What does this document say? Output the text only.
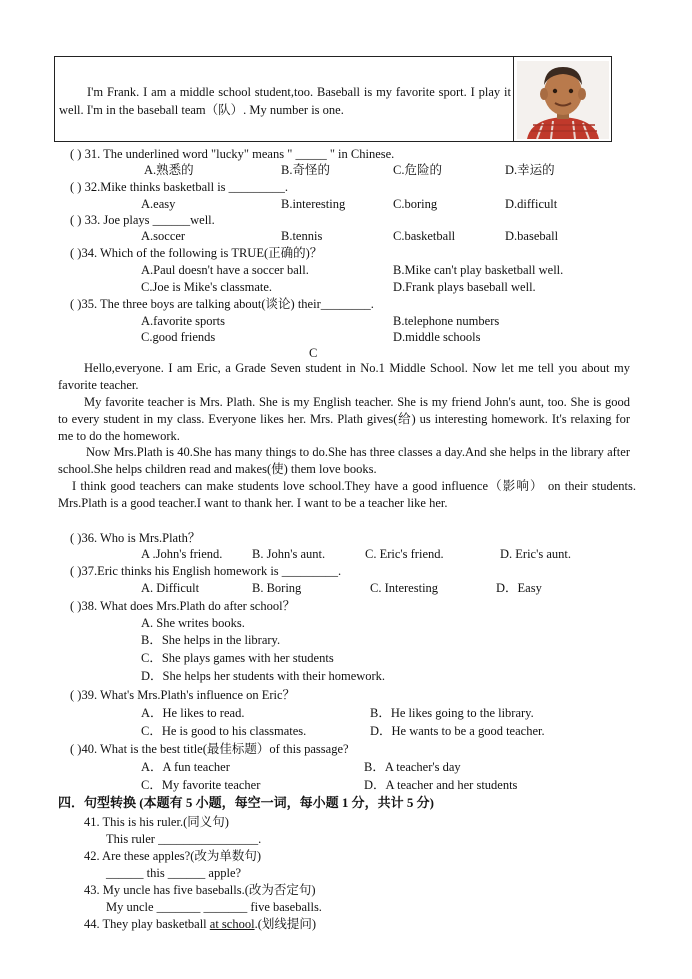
I'm Frank. I am a middle school student,too. Baseball is my favorite sport. I play it well. I'm in the baseball team（队）. My number is one.
( ) 31. The underlined word "lucky" means " _____ " in Chinese.
A.熟悉的	B.奇怪的	C.危险的	D.幸运的
( ) 32.Mike thinks basketball is _________.
A.easy	B.interesting	C.boring	D.difficult
( ) 33. Joe plays ______well.
A.soccer	B.tennis	C.basketball	D.baseball
( )34. Which of the following is TRUE(正确的)？
A.Paul doesn't have a soccer ball.	B.Mike can't play basketball well.
C.Joe is Mike's classmate.	D.Frank plays baseball well.
( )35. The three boys are talking about(谈论) their________.
A.favorite sports	B.telephone numbers
C.good friends	D.middle schools
C
Hello,everyone. I am Eric, a Grade Seven student in No.1 Middle School. Now let me tell you about my favorite teacher.
My favorite teacher is Mrs. Plath. She is my English teacher. She is my friend John's aunt, too. She is good to every student in my class. Everyone likes her. Mrs. Plath gives(给) us interesting homework. It's relaxing for me to do the homework.
Now Mrs.Plath is 40.She has many things to do.She has three classes a day.And she helps in the library after school.She helps children read and makes(使) them love books.
I think good teachers can make students love school.They have a good influence（影响） on their students. Mrs.Plath is a good teacher.I want to thank her. I want to be a teacher like her.
( )36. Who is Mrs.Plath？
A .John's friend. B. John's aunt.	C. Eric's friend.	D. Eric's aunt.
( )37.Eric thinks his English homework is _________.
A. Difficult	B. Boring	C. Interesting	D．Easy
( )38. What does Mrs.Plath do after school？
A. She writes books.
B．She helps in the library.
C．She plays games with her students
D．She helps her students with their homework.
( )39. What's Mrs.Plath's influence on Eric？
A．He likes to read.	B．He likes going to the library.
C．He is good to his classmates.	D．He wants to be a good teacher.
( )40. What is the best title(最佳标题）of this passage?
A．A fun teacher	B．A teacher's day
C．My favorite teacher	D．A teacher and her students
四．句型转换 (本题有 5 小题，每空一词，每小题 1 分，共计 5 分)
41. This is his ruler.(同义句)
This ruler ________________.
42. Are these apples?(改为单数句)
______ this ______ apple?
43. My uncle has five baseballs.(改为否定句)
My uncle _______ _______ five baseballs.
44. They play basketball at school.(划线提问)
